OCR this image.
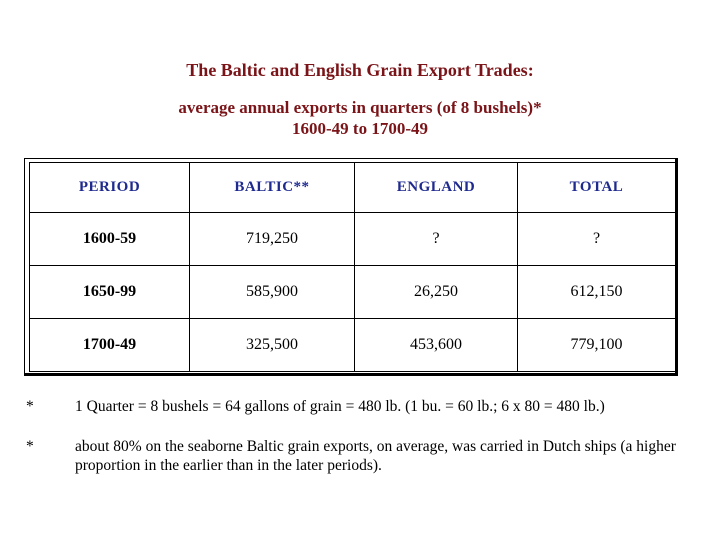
The Baltic and English Grain Export Trades:
average annual exports in quarters (of 8 bushels)*
1600-49 to 1700-49
PERIOD	BALTIC**	ENGLAND	TOTAL
1600-59	719,250	?	?
1650-99	585,900	26,250	612,150
1700-49	325,500	453,600	779,100
*	1 Quarter = 8 bushels = 64 gallons of grain = 480 lb. (1 bu. = 60 lb.; 6 x 80 = 480 lb.)
*	about 80% on the seaborne Baltic grain exports, on average, was carried in Dutch ships (a higher proportion in the earlier than in the later periods).
